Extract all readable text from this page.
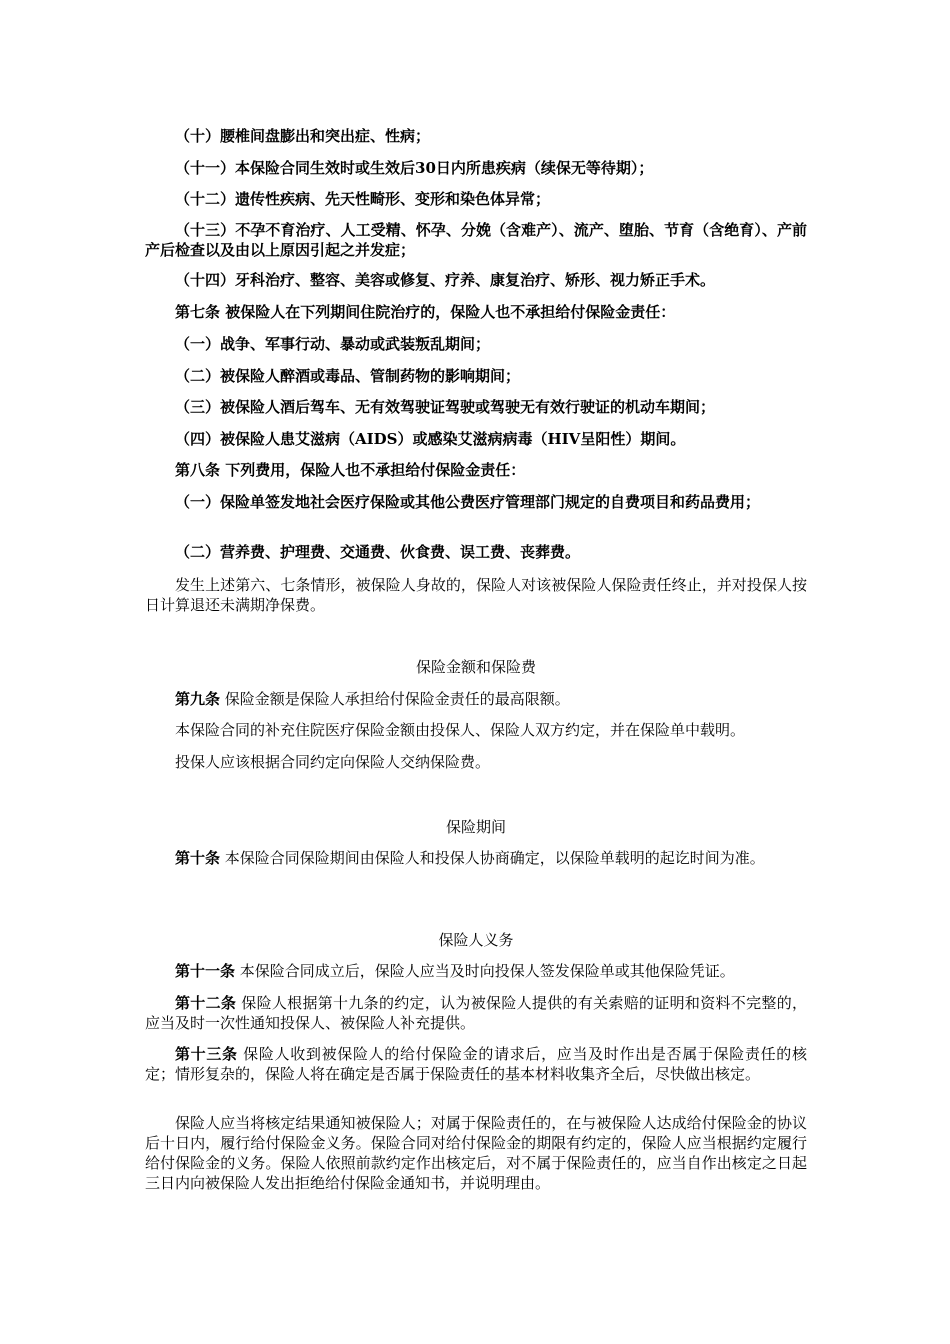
（十）腰椎间盘膨出和突出症、性病；

（十一）本保险合同生效时或生效后30日内所患疾病（续保无等待期）；

（十二）遗传性疾病、先天性畸形、变形和染色体异常；

（十三）不孕不育治疗、人工受精、怀孕、分娩（含难产）、流产、堕胎、节育（含绝育）、产前产后检查以及由以上原因引起之并发症；

（十四）牙科治疗、整容、美容或修复、疗养、康复治疗、矫形、视力矫正手术。

第七条 被保险人在下列期间住院治疗的，保险人也不承担给付保险金责任：

（一）战争、军事行动、暴动或武装叛乱期间；

（二）被保险人醉酒或毒品、管制药物的影响期间；

（三）被保险人酒后驾车、无有效驾驶证驾驶或驾驶无有效行驶证的机动车期间；

（四）被保险人患艾滋病（AIDS）或感染艾滋病病毒（HIV呈阳性）期间。

第八条 下列费用，保险人也不承担给付保险金责任：

（一）保险单签发地社会医疗保险或其他公费医疗管理部门规定的自费项目和药品费用；

（二）营养费、护理费、交通费、伙食费、误工费、丧葬费。

发生上述第六、七条情形，被保险人身故的，保险人对该被保险人保险责任终止，并对投保人按日计算退还未满期净保费。

保险金额和保险费

第九条 保险金额是保险人承担给付保险金责任的最高限额。

本保险合同的补充住院医疗保险金额由投保人、保险人双方约定，并在保险单中载明。

投保人应该根据合同约定向保险人交纳保险费。

保险期间

第十条 本保险合同保险期间由保险人和投保人协商确定，以保险单载明的起讫时间为准。

保险人义务

第十一条 本保险合同成立后，保险人应当及时向投保人签发保险单或其他保险凭证。

第十二条 保险人根据第十九条的约定，认为被保险人提供的有关索赔的证明和资料不完整的，应当及时一次性通知投保人、被保险人补充提供。

第十三条 保险人收到被保险人的给付保险金的请求后，应当及时作出是否属于保险责任的核定；情形复杂的，保险人将在确定是否属于保险责任的基本材料收集齐全后，尽快做出核定。

保险人应当将核定结果通知被保险人；对属于保险责任的，在与被保险人达成给付保险金的协议后十日内，履行给付保险金义务。保险合同对给付保险金的期限有约定的，保险人应当根据约定履行给付保险金的义务。保险人依照前款约定作出核定后，对不属于保险责任的，应当自作出核定之日起三日内向被保险人发出拒绝给付保险金通知书，并说明理由。
